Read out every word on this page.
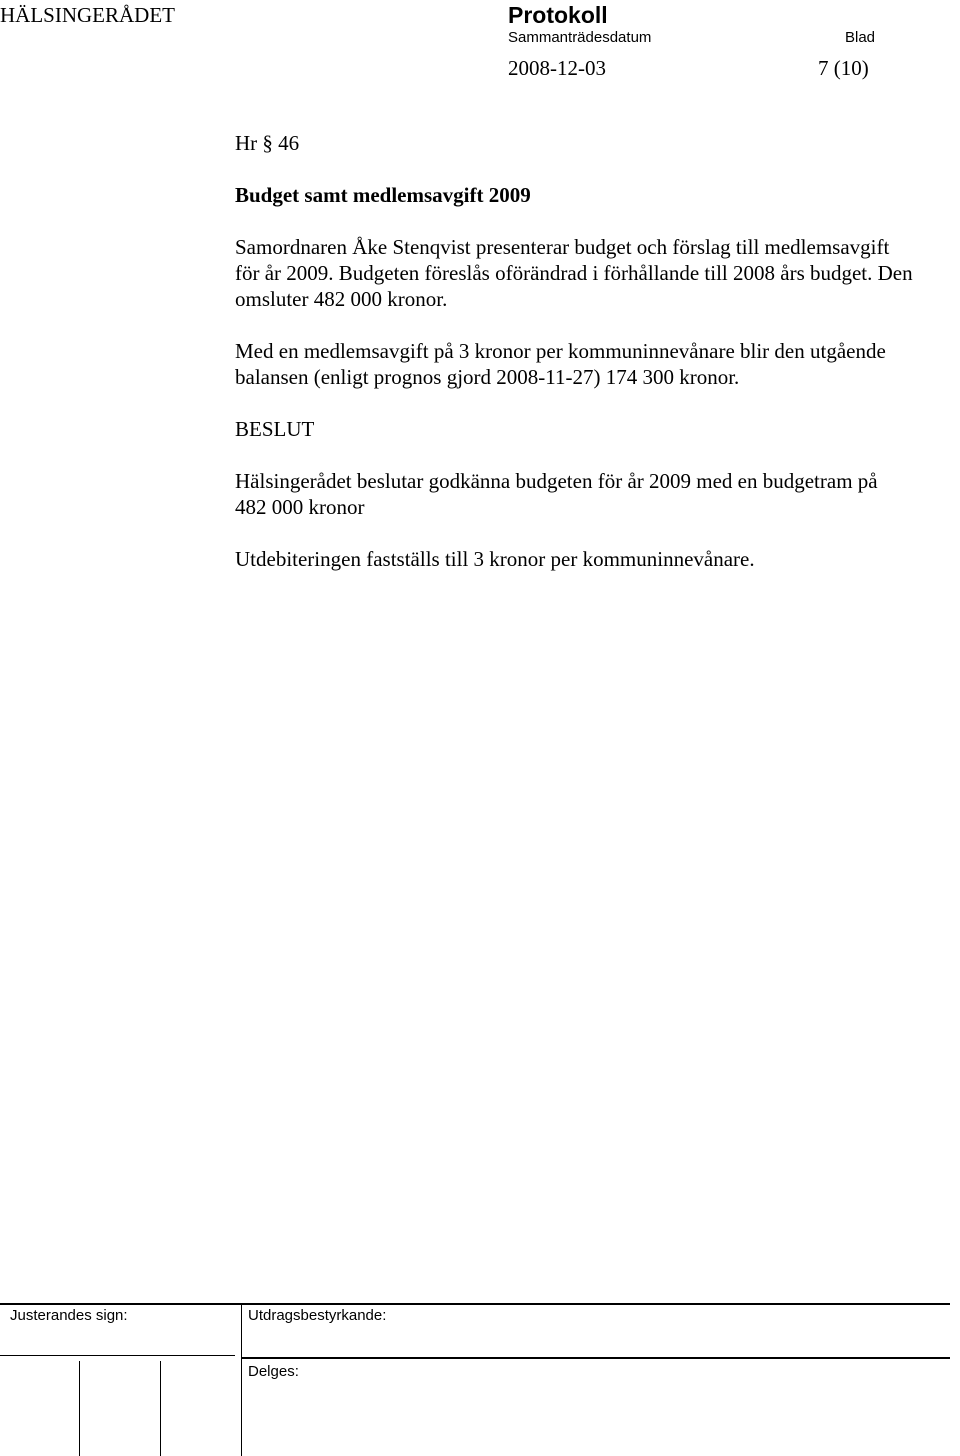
HÄLSINGERÅDET	Protokoll
Sammanträdesdatum	Blad
2008-12-03	7 (10)

Hr § 46

Budget samt medlemsavgift 2009

Samordnaren Åke Stenqvist presenterar budget och förslag till medlemsavgift
för år 2009. Budgeten föreslås oförändrad i förhållande till 2008 års budget. Den
omsluter 482 000 kronor.

Med en medlemsavgift på 3 kronor per kommuninnevånare blir den utgående
balansen (enligt prognos gjord 2008-11-27) 174 300 kronor.

BESLUT

Hälsingerådet beslutar godkänna budgeten för år 2009 med en budgetram på
482 000 kronor

Utdebiteringen fastställs till 3 kronor per kommuninnevånare.

Justerandes sign:	Utdragsbestyrkande:
Delges:
